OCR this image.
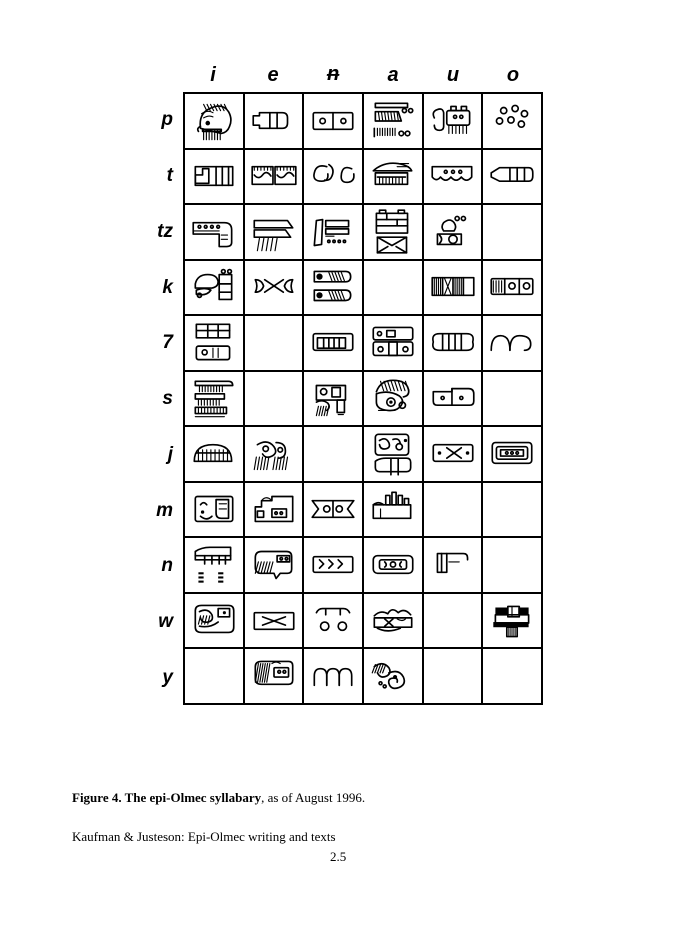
i	e ʉ a u o
p
t
tz
k
7
s
j
m
n
w
y
Figure 4. The epi-Olmec syllabary, as of August 1996.
Kaufman & Justeson: Epi-Olmec writing and texts
2.5
